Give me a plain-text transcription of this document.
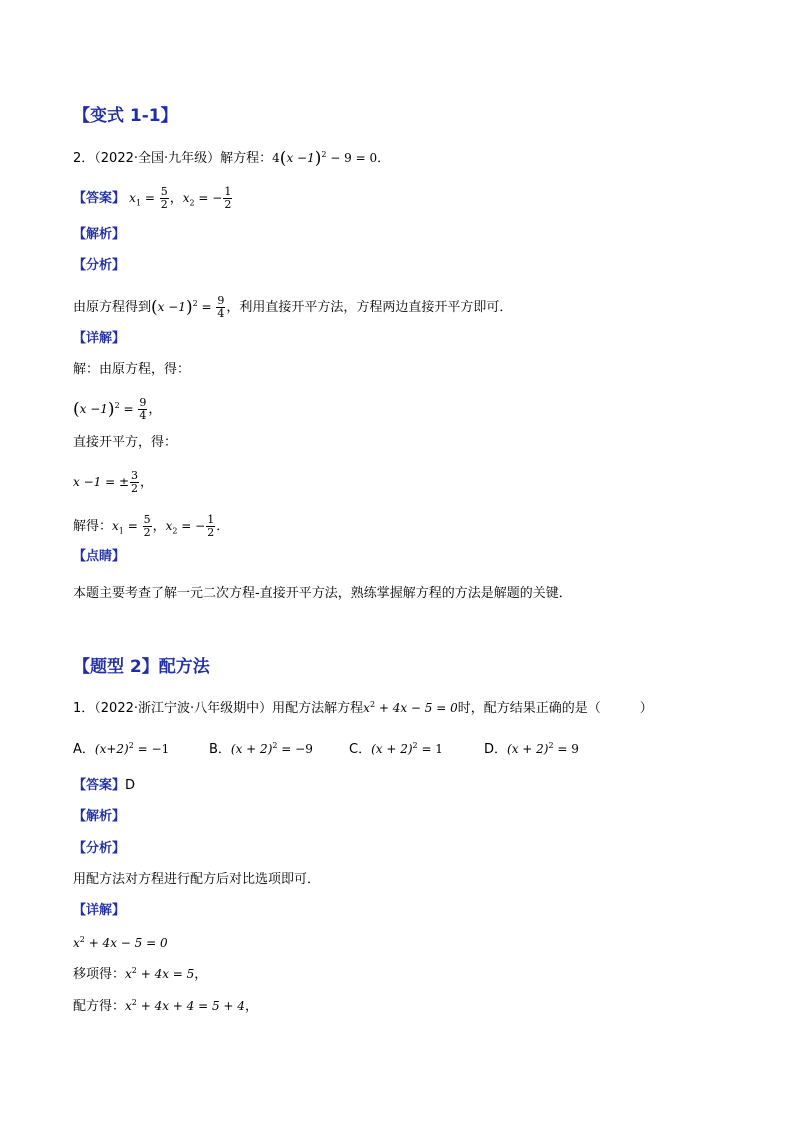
【变式 1-1】
2．（2022·全国·九年级）解方程：$4(x -1)^2 - 9 = 0$．
【答案】 $x_1 = \frac{5}{2}$ ，$x_2$ = − $\frac{1}{2}$
【解析】
【分析】
由原方程得到$(x -1)^2 = \frac{9}{4}$ ，利用直接开平方法，方程两边直接开平方即可．
【详解】
解：由原方程，得：
$(x -1)^2 = \frac{9}{4}$ ，
直接开平方，得：
x −1 = ± $\frac{3}{2}$ ，
解得：$x_1 = \frac{5}{2}$ ，$x_2$ = − $\frac{1}{2}$ ．
【点睛】
本题主要考查了解一元二次方程-直接开平方法，熟练掌握解方程的方法是解题的关键．
【题型 2】配方法
1．（2022·浙江宁波·八年级期中）用配方法解方程$x^2 + 4x - 5 = 0$时，配方结果正确的是（　　　）
A．$(x+2)^2 = -1$	B．$(x + 2)^2 = -9$	C．$(x + 2)^2 = 1$	D．$(x + 2)^2 = 9$
【答案】D
【解析】
【分析】
用配方法对方程进行配方后对比选项即可．
【详解】
$x^2 + 4x - 5 = 0$
移项得：$x^2 + 4x = 5$，
配方得：$x^2 + 4x + 4 = 5 + 4$，
